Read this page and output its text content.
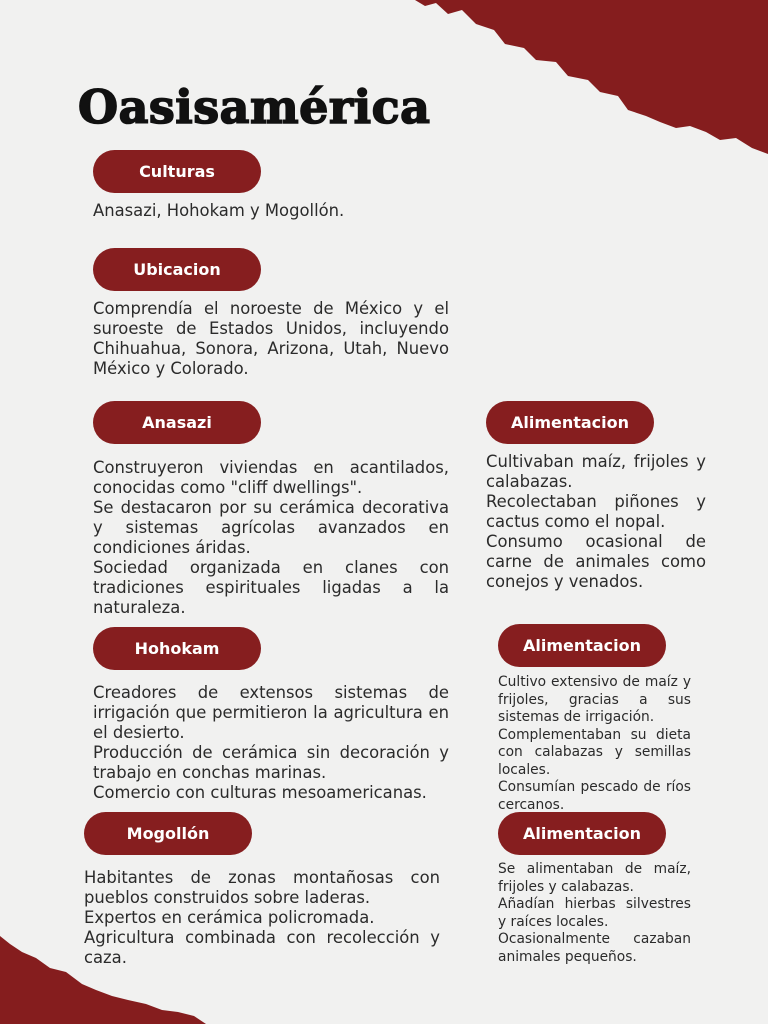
Oasisamérica
Culturas

Anasazi, Hohokam y Mogollón.

Ubicacion

Comprendía el noroeste de México y el suroeste de Estados Unidos, incluyendo Chihuahua, Sonora, Arizona, Utah, Nuevo México y Colorado.

Anasazi

Construyeron viviendas en acantilados, conocidas como "cliff dwellings".

Se destacaron por su cerámica decorativa y sistemas agrícolas avanzados en condiciones áridas.

Sociedad organizada en clanes con tradiciones espirituales ligadas a la naturaleza.

Alimentacion

Cultivaban maíz, frijoles y calabazas.

Recolectaban piñones y cactus como el nopal.

Consumo ocasional de carne de animales como conejos y venados.

Hohokam

Creadores de extensos sistemas de irrigación que permitieron la agricultura en el desierto.

Producción de cerámica sin decoración y trabajo en conchas marinas.

Comercio con culturas mesoamericanas.

Alimentacion

Cultivo extensivo de maíz y frijoles, gracias a sus sistemas de irrigación.

Complementaban su dieta con calabazas y semillas locales.

Consumían pescado de ríos cercanos.

Mogollón

Habitantes de zonas montañosas con pueblos construidos sobre laderas.

Expertos en cerámica policromada.

Agricultura combinada con recolección y caza.

Alimentacion

Se alimentaban de maíz, frijoles y calabazas.

Añadían hierbas silvestres y raíces locales.

Ocasionalmente cazaban animales pequeños.
